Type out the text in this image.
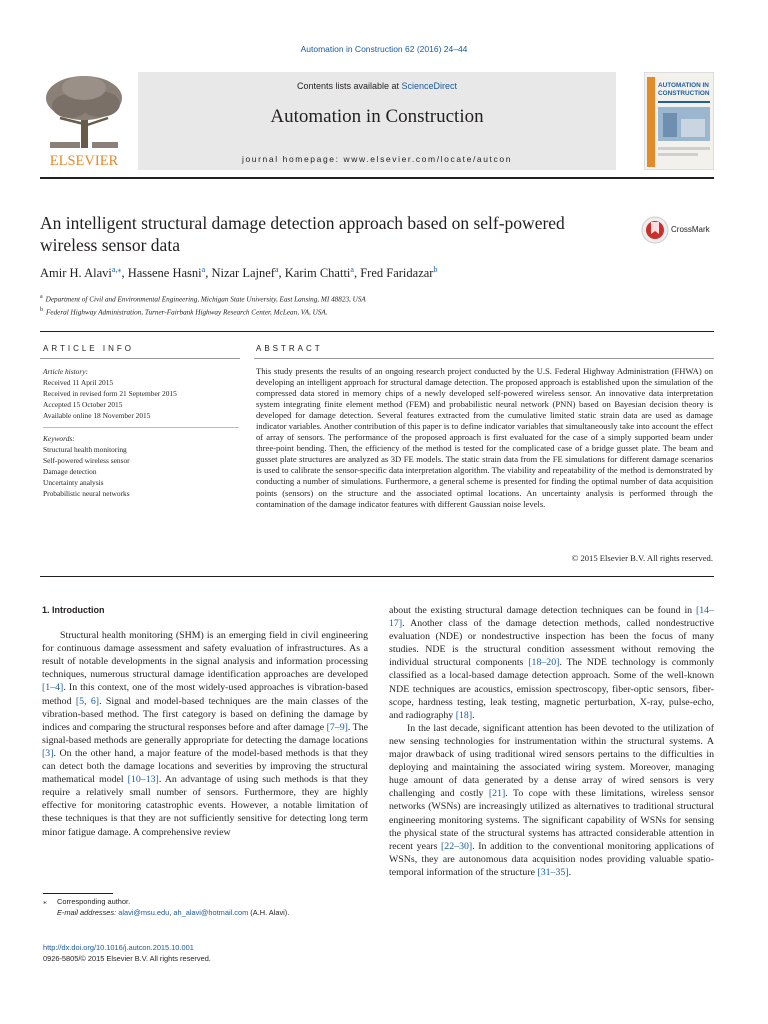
Automation in Construction 62 (2016) 24–44
ELSEVIER
Contents lists available at ScienceDirect
Automation in Construction
journal homepage: www.elsevier.com/locate/autcon
AUTOMATION IN
CONSTRUCTION
An intelligent structural damage detection approach based on self-powered wireless sensor data
CrossMark
Amir H. Alavi$^{a,⁎}$, Hassene Hasni$^a$, Nizar Lajnef$^a$, Karim Chatti$^a$, Fred Faridazar$^b$
$^a$ Department of Civil and Environmental Engineering, Michigan State University, East Lansing, MI 48823, USA
$^b$ Federal Highway Administration, Turner-Fairbank Highway Research Center, McLean, VA, USA.
ARTICLE INFO	ABSTRACT
Article history:
Received 11 April 2015
Received in revised form 21 September 2015
Accepted 15 October 2015
Available online 18 November 2015
Keywords:
Structural health monitoring
Self-powered wireless sensor
Damage detection
Uncertainty analysis
Probabilistic neural networks
This study presents the results of an ongoing research project conducted by the U.S. Federal Highway Administration (FHWA) on developing an intelligent approach for structural damage detection. The proposed approach is established upon the simulation of the compressed data stored in memory chips of a newly developed self-powered wireless sensor. An innovative data interpretation system integrating finite element method (FEM) and probabilistic neural network (PNN) based on Bayesian decision theory is developed for damage detection. Several features extracted from the cumulative limited static strain data are used as damage indicator variables. Another contribution of this paper is to define indicator variables that simultaneously take into account the effect of array of sensors. The performance of the proposed approach is first evaluated for the case of a simply supported beam under three-point bending. Then, the efficiency of the method is tested for the complicated case of a bridge gusset plate. The beam and gusset plate structures are analyzed as 3D FE models. The static strain data from the FE simulations for different damage scenarios is used to calibrate the sensor-specific data interpretation algorithm. The viability and repeatability of the method is demonstrated by conducting a number of simulations. Furthermore, a general scheme is presented for finding the optimal number of data acquisition points (sensors) on the structure and the associated optimal locations. An uncertainty analysis is performed through the contamination of the damage indicator features with different Gaussian noise levels.
© 2015 Elsevier B.V. All rights reserved.
1. Introduction

Structural health monitoring (SHM) is an emerging field in civil engineering for continuous damage assessment and safety evaluation of infrastructures. As a result of notable developments in the signal analysis and information processing techniques, numerous structural damage identification approaches are developed [1–4]. In this context, one of the most widely-used approaches is vibration-based method [5, 6]. Signal and model-based techniques are the main classes of the vibration-based method. The first category is based on defining the damage by indices and comparing the structural responses before and after damage [7–9]. The signal-based methods are generally appropriate for detecting the damage locations [3]. On the other hand, a major feature of the model-based methods is that they can detect both the damage locations and severities by improving the structural mathematical model [10–13]. An advantage of using such methods is that they require a relatively small number of sensors. Furthermore, they are highly effective for monitoring catastrophic events. However, a notable limitation of these techniques is that they are not sufficiently sensitive for detecting long term minor fatigue damage. A comprehensive review

about the existing structural damage detection techniques can be found in [14–17]. Another class of the damage detection methods, called nondestructive evaluation (NDE) or nondestructive inspection has been the focus of many studies. NDE is the structural condition assessment without removing the individual structural components [18–20]. The NDE technology is commonly classified as a local-based damage detection approach. Some of the well-known NDE techniques are acoustics, emission spectroscopy, fiber-optic sensors, fiber-scope, hardness testing, leak testing, magnetic perturbation, X-ray, pulse-echo, and radiography [18].

In the last decade, significant attention has been devoted to the utilization of new sensing technologies for instrumentation within the structural systems. A major drawback of using traditional wired sensors pertains to the difficulties in deploying and maintaining the associated wiring system. Moreover, managing huge amount of data generated by a dense array of wired sensors is very challenging and costly [21]. To cope with these limitations, wireless sensor networks (WSNs) are increasingly utilized as alternatives to traditional structural engineering monitoring systems. The significant capability of WSNs for sensing the physical state of the structural systems has attracted considerable attention in recent years [22–30]. In addition to the conventional monitoring applications of WSNs, they are autonomous data acquisition nodes providing valuable spatio-temporal information of the structure [31–35].

⁎ Corresponding author.
E-mail addresses: alavi@msu.edu, ah_alavi@hotmail.com (A.H. Alavi).
http://dx.doi.org/10.1016/j.autcon.2015.10.001
0926-5805/© 2015 Elsevier B.V. All rights reserved.
